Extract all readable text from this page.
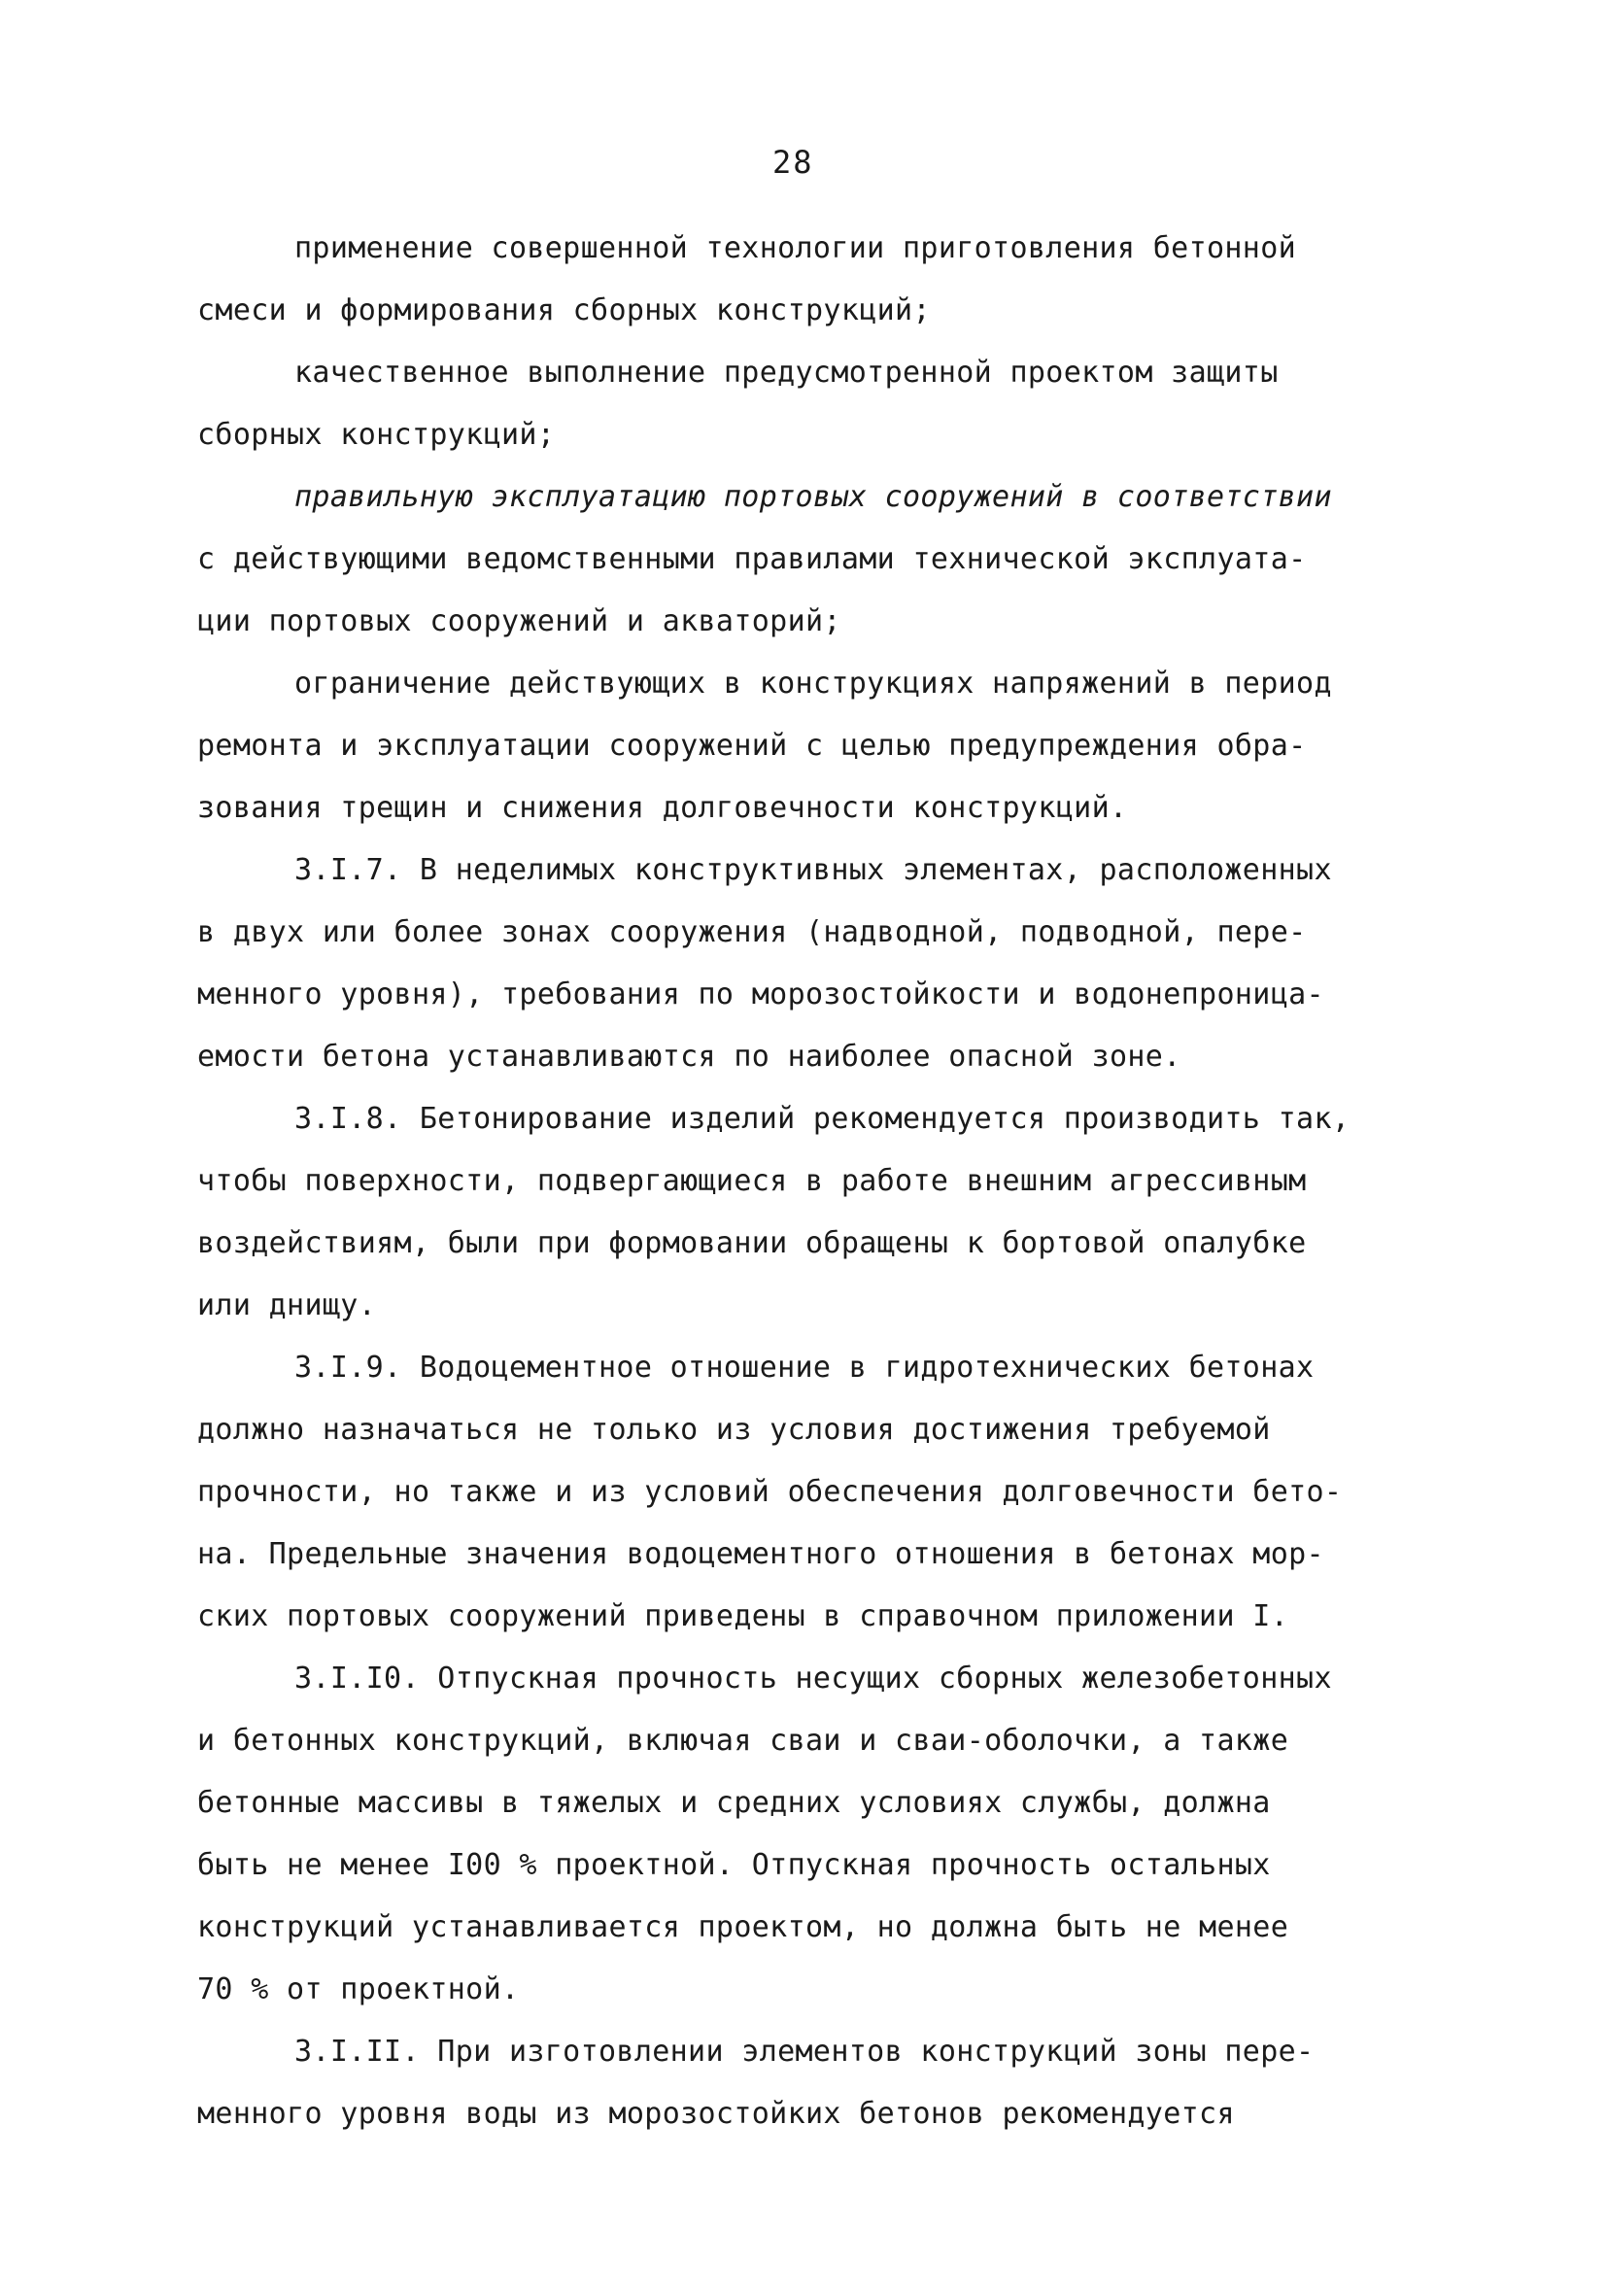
28
применение совершенной технологии приготовления бетонной
смеси и формирования сборных конструкций;
качественное выполнение предусмотренной проектом защиты
сборных конструкций;
правильную эксплуатацию портовых сооружений в соответствии
с действующими ведомственными правилами технической эксплуата-
ции портовых сооружений и акваторий;
ограничение действующих в конструкциях напряжений в период
ремонта и эксплуатации сооружений с целью предупреждения обра-
зования трещин и снижения долговечности конструкций.
3.I.7. В неделимых конструктивных элементах, расположенных
в двух или более зонах сооружения (надводной, подводной, пере-
менного уровня), требования по морозостойкости и водонепроница-
емости бетона устанавливаются по наиболее опасной зоне.
3.I.8. Бетонирование изделий рекомендуется производить так,
чтобы поверхности, подвергающиеся в работе внешним агрессивным
воздействиям, были при формовании обращены к бортовой опалубке
или днищу.
3.I.9. Водоцементное отношение в гидротехнических бетонах
должно назначаться не только из условия достижения требуемой
прочности, но также и из условий обеспечения долговечности бето-
на. Предельные значения водоцементного отношения в бетонах мор-
ских портовых сооружений приведены в справочном приложении I.
3.I.I0. Отпускная прочность несущих сборных железобетонных
и бетонных конструкций, включая сваи и сваи-оболочки, а также
бетонные массивы в тяжелых и средних условиях службы, должна
быть не менее I00 % проектной. Отпускная прочность остальных
конструкций устанавливается проектом, но должна быть не менее
70 % от проектной.
3.I.II. При изготовлении элементов конструкций зоны пере-
менного уровня воды из морозостойких бетонов рекомендуется
